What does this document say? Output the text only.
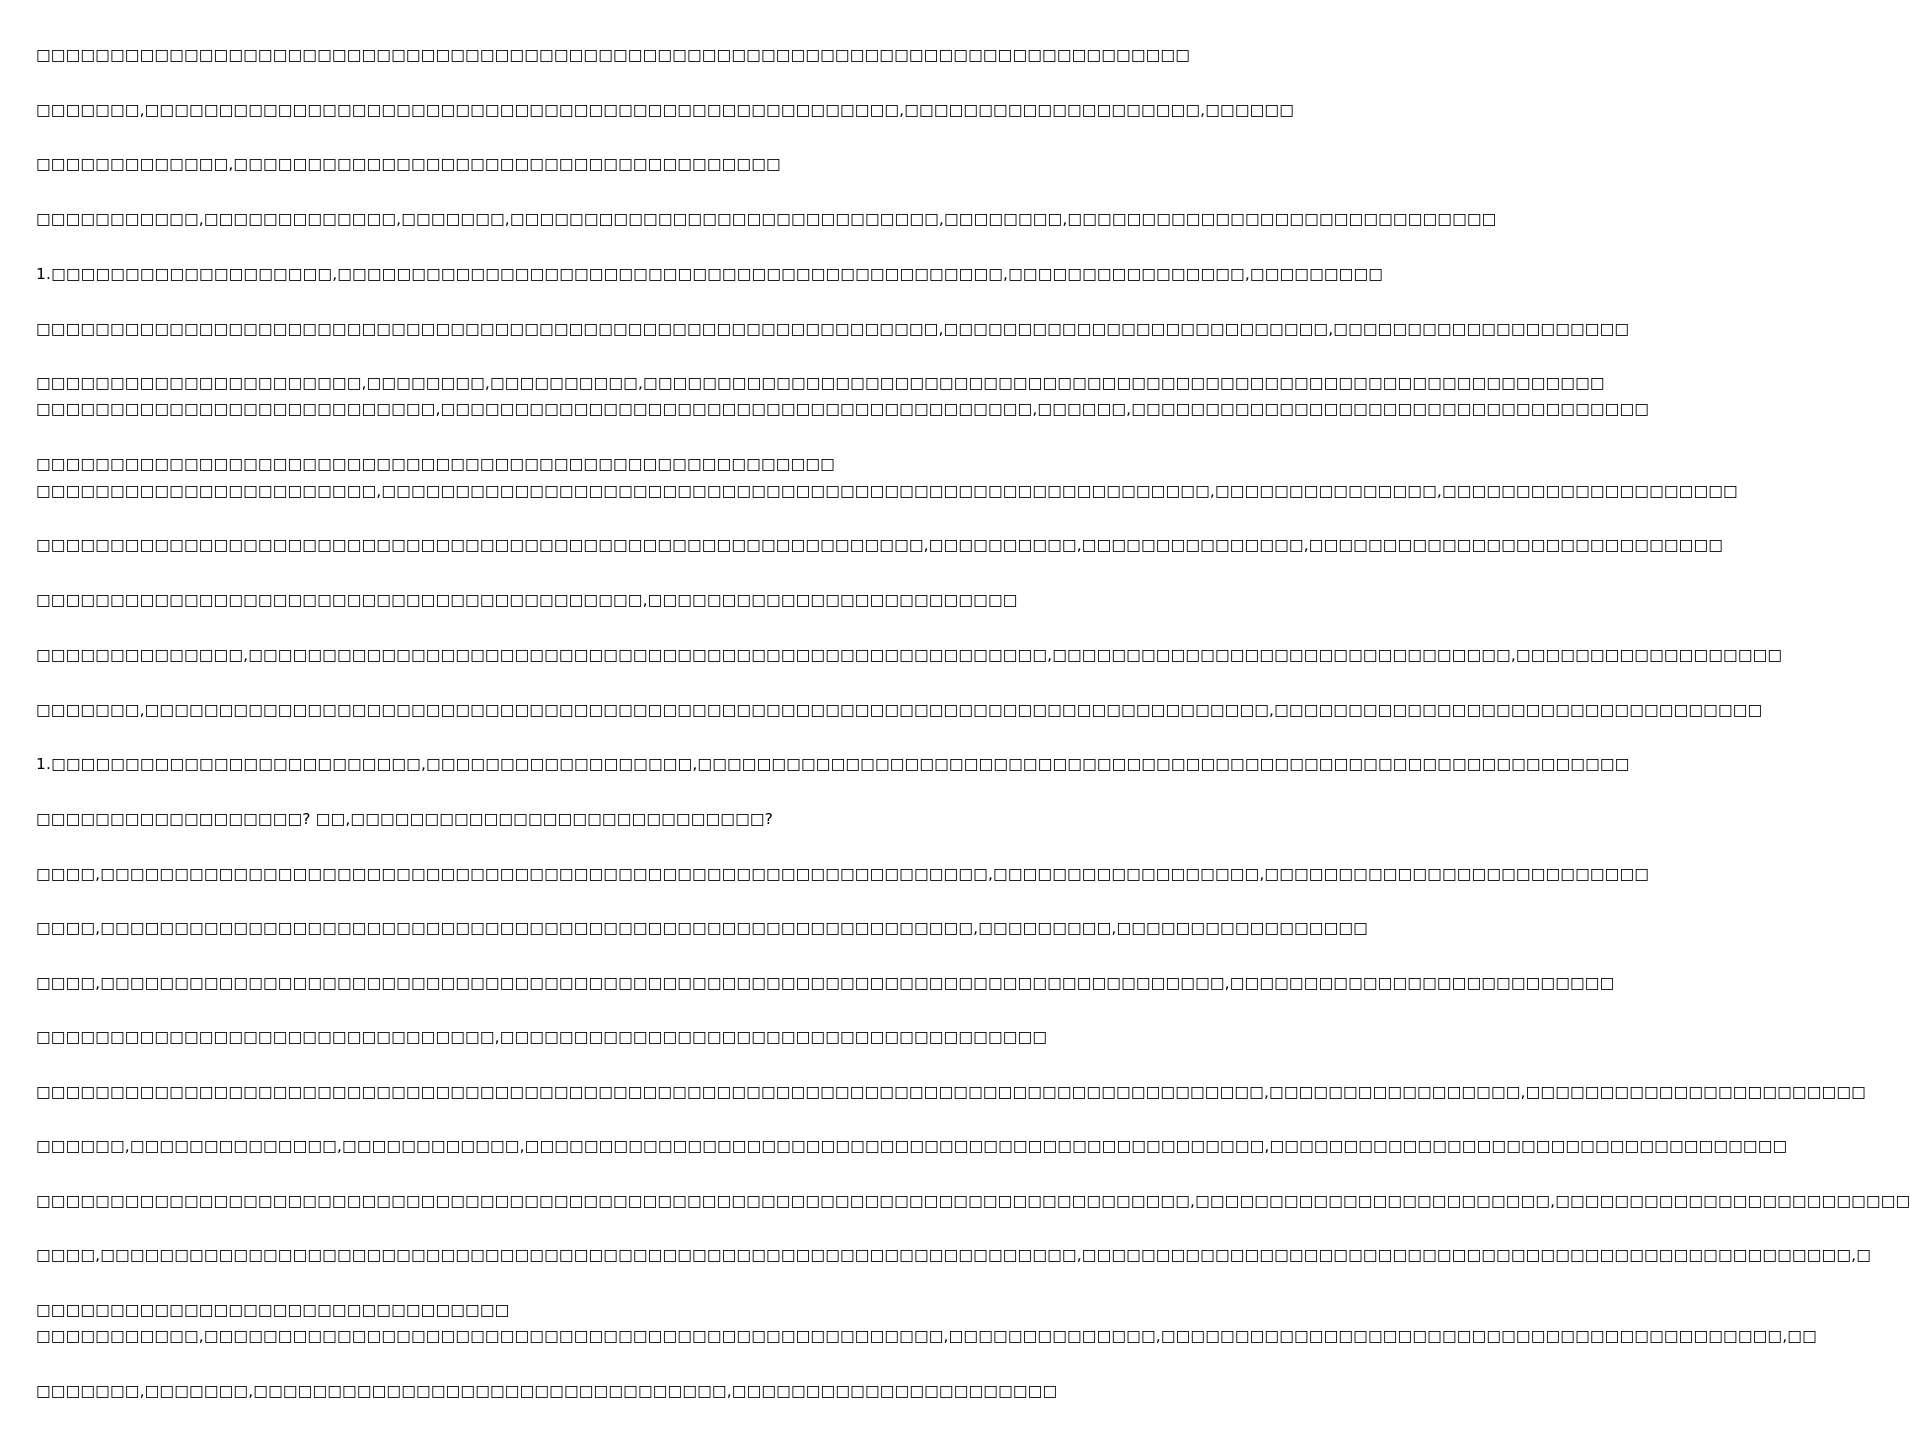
□□□□□□□□□□□□□□□□□□□□□□□□□□□□□□□□□□□□□□□□□□□□□□□□□□□□□□□□□□□□□□□□□□□□□□□□□□□□□□
□□□□□□□,□□□□□□□□□□□□□□□□□□□□□□□□□□□□□□□□□□□□□□□□□□□□□□□□□□□,□□□□□□□□□□□□□□□□□□□□,□□□□□□
□□□□□□□□□□□□□,□□□□□□□□□□□□□□□□□□□□□□□□□□□□□□□□□□□□□
□□□□□□□□□□□,□□□□□□□□□□□□□,□□□□□□□,□□□□□□□□□□□□□□□□□□□□□□□□□□□□□,□□□□□□□□,□□□□□□□□□□□□□□□□□□□□□□□□□□□□□
1.□□□□□□□□□□□□□□□□□□□,□□□□□□□□□□□□□□□□□□□□□□□□□□□□□□□□□□□□□□□□□□□□□,□□□□□□□□□□□□□□□□,□□□□□□□□□
□□□□□□□□□□□□□□□□□□□□□□□□□□□□□□□□□□□□□□□□□□□□□□□□□□□□□□□□□□□□□,□□□□□□□□□□□□□□□□□□□□□□□□□□,□□□□□□□□□□□□□□□□□□□□
□□□□□□□□□□□□□□□□□□□□□□,□□□□□□□□,□□□□□□□□□□,□□□□□□□□□□□□□□□□□□□□□□□□□□□□□□□□□□□□□□□□□□□□□□□□□□□□□□□□□□□□□□□□□
□□□□□□□□□□□□□□□□□□□□□□□□□□□,□□□□□□□□□□□□□□□□□□□□□□□□□□□□□□□□□□□□□□□□,□□□□□□,□□□□□□□□□□□□□□□□□□□□□□□□□□□□□□□□□□□
□□□□□□□□□□□□□□□□□□□□□□□□□□□□□□□□□□□□□□□□□□□□□□□□□□□□□□
□□□□□□□□□□□□□□□□□□□□□□□,□□□□□□□□□□□□□□□□□□□□□□□□□□□□□□□□□□□□□□□□□□□□□□□□□□□□□□□□,□□□□□□□□□□□□□□□,□□□□□□□□□□□□□□□□□□□□
□□□□□□□□□□□□□□□□□□□□□□□□□□□□□□□□□□□□□□□□□□□□□□□□□□□□□□□□□□□□,□□□□□□□□□□,□□□□□□□□□□□□□□□,□□□□□□□□□□□□□□□□□□□□□□□□□□□□
□□□□□□□□□□□□□□□□□□□□□□□□□□□□□□□□□□□□□□□□□,□□□□□□□□□□□□□□□□□□□□□□□□□
□□□□□□□□□□□□□□,□□□□□□□□□□□□□□□□□□□□□□□□□□□□□□□□□□□□□□□□□□□□□□□□□□□□□□,□□□□□□□□□□□□□□□□□□□□□□□□□□□□□□□,□□□□□□□□□□□□□□□□□□
□□□□□□□,□□□□□□□□□□□□□□□□□□□□□□□□□□□□□□□□□□□□□□□□□□□□□□□□□□□□□□□□□□□□□□□□□□□□□□□□□□□□,□□□□□□□□□□□□□□□□□□□□□□□□□□□□□□□□□
1.□□□□□□□□□□□□□□□□□□□□□□□□□,□□□□□□□□□□□□□□□□□□,□□□□□□□□□□□□□□□□□□□□□□□□□□□□□□□□□□□□□□□□□□□□□□□□□□□□□□□□□□□□□□□
□□□□□□□□□□□□□□□□□□? □□,□□□□□□□□□□□□□□□□□□□□□□□□□□□□?
□□□□,□□□□□□□□□□□□□□□□□□□□□□□□□□□□□□□□□□□□□□□□□□□□□□□□□□□□□□□□□□□□,□□□□□□□□□□□□□□□□□□,□□□□□□□□□□□□□□□□□□□□□□□□□□
□□□□,□□□□□□□□□□□□□□□□□□□□□□□□□□□□□□□□□□□□□□□□□□□□□□□□□□□□□□□□□□□,□□□□□□□□□,□□□□□□□□□□□□□□□□□
□□□□,□□□□□□□□□□□□□□□□□□□□□□□□□□□□□□□□□□□□□□□□□□□□□□□□□□□□□□□□□□□□□□□□□□□□□□□□□□□□,□□□□□□□□□□□□□□□□□□□□□□□□□□
□□□□□□□□□□□□□□□□□□□□□□□□□□□□□□□,□□□□□□□□□□□□□□□□□□□□□□□□□□□□□□□□□□□□□
□□□□□□□□□□□□□□□□□□□□□□□□□□□□□□□□□□□□□□□□□□□□□□□□□□□□□□□□□□□□□□□□□□□□□□□□□□□□□□□□□□□,□□□□□□□□□□□□□□□□□,□□□□□□□□□□□□□□□□□□□□□□□
□□□□□□,□□□□□□□□□□□□□□,□□□□□□□□□□□□,□□□□□□□□□□□□□□□□□□□□□□□□□□□□□□□□□□□□□□□□□□□□□□□□□□,□□□□□□□□□□□□□□□□□□□□□□□□□□□□□□□□□□□
□□□□□□□□□□□□□□□□□□□□□□□□□□□□□□□□□□□□□□□□□□□□□□□□□□□□□□□□□□□□□□□□□□□□□□□□□□□□□□,□□□□□□□□□□□□□□□□□□□□□□□□,□□□□□□□□□□□□□□□□□□□□□□□□
□□□□,□□□□□□□□□□□□□□□□□□□□□□□□□□□□□□□□□□□□□□□□□□□□□□□□□□□□□□□□□□□□□□□□□□,□□□□□□□□□□□□□□□□□□□□□□□□□□□□□□□□□□□□□□□□□□□□□□□□□□□□,□
□□□□□□□□□□□□□□□□□□□□□□□□□□□□□□□□
□□□□□□□□□□□,□□□□□□□□□□□□□□□□□□□□□□□□□□□□□□□□□□□□□□□□□□□□□□□□□□,□□□□□□□□□□□□□□,□□□□□□□□□□□□□□□□□□□□□□□□□□□□□□□□□□□□□□□□□□,□□
□□□□□□□,□□□□□□□,□□□□□□□□□□□□□□□□□□□□□□□□□□□□□□□□,□□□□□□□□□□□□□□□□□□□□□□
